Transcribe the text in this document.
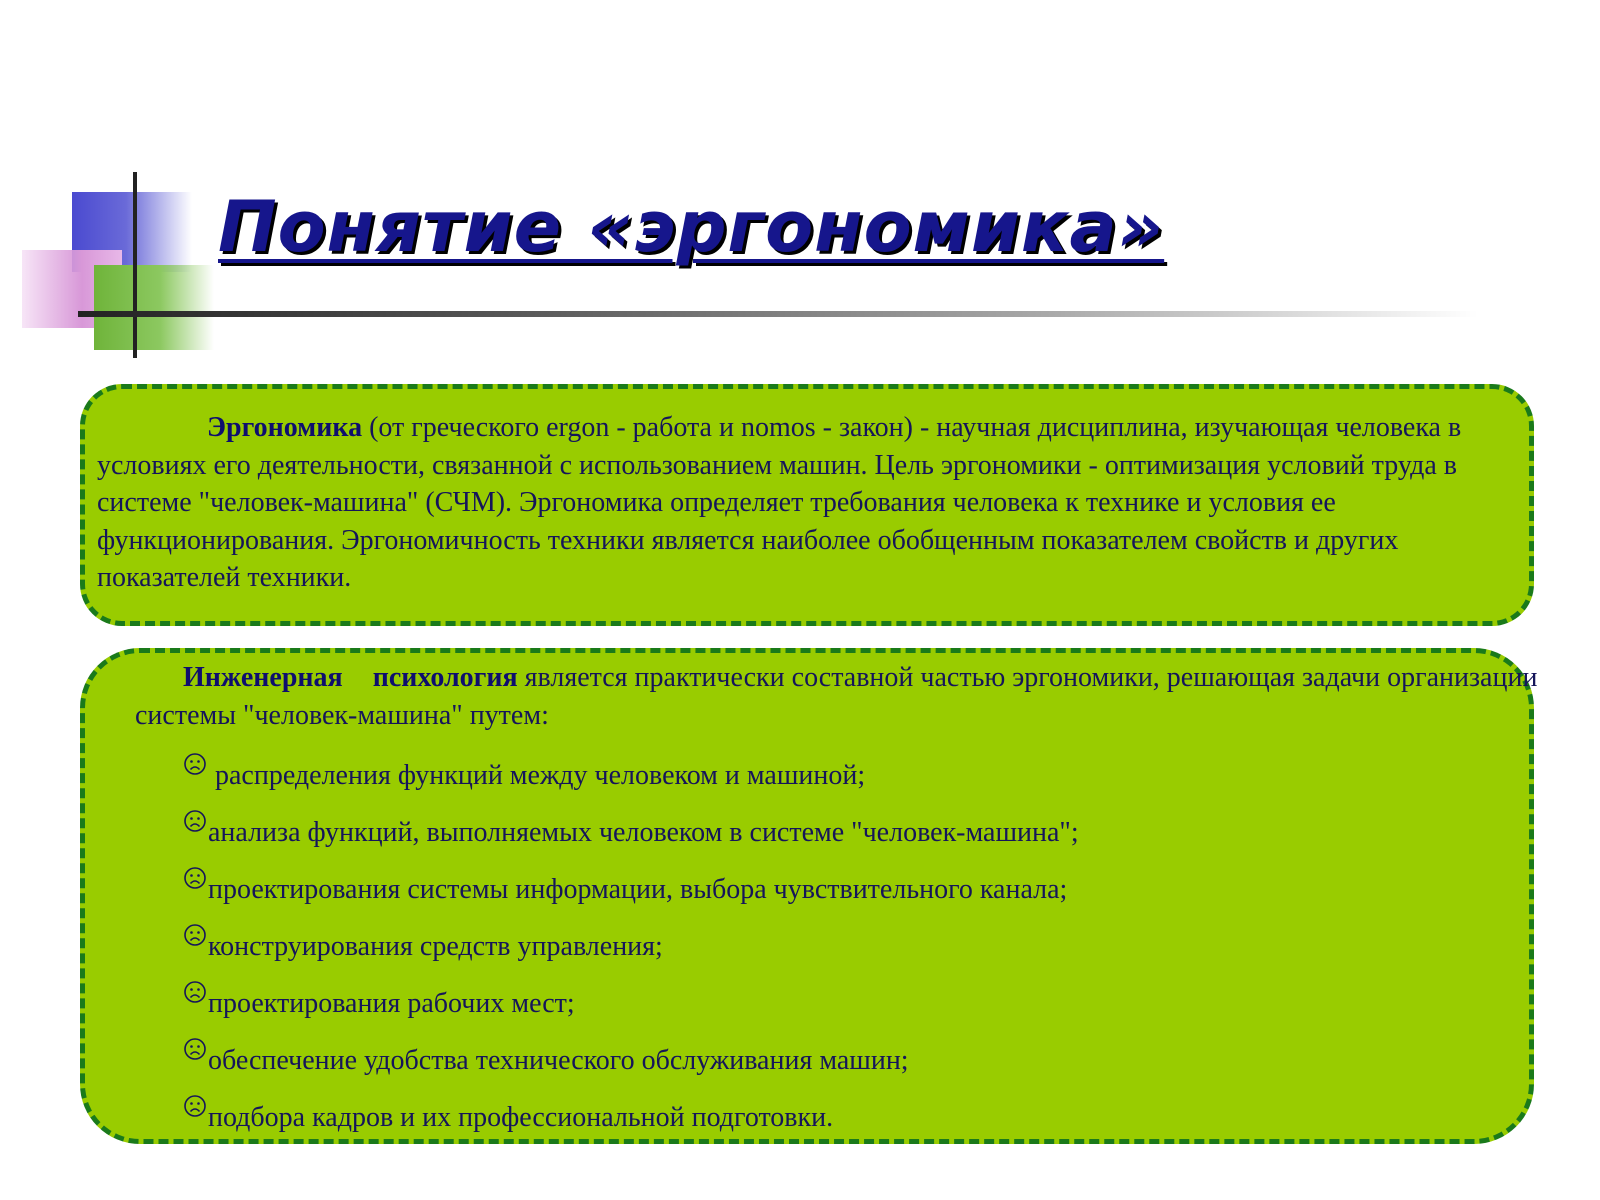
Понятие «эргономика»

Эргономика (от греческого ergon - работа и nomos - закон) - научная дисциплина, изучающая человека в условиях его деятельности, связанной с использованием машин. Цель эргономики - оптимизация условий труда в системе "человек-машина" (СЧМ). Эргономика определяет требования человека к технике и условия ее функционирования. Эргономичность техники является наиболее обобщенным показателем свойств и других показателей техники.

Инженерная психология является практически составной частью эргономики, решающая задачи организации системы "человек-машина" путем:

распределения функций между человеком и машиной;
анализа функций, выполняемых человеком в системе "человек-машина";
проектирования системы информации, выбора чувствительного канала;
конструирования средств управления;
проектирования рабочих мест;
обеспечение удобства технического обслуживания машин;
подбора кадров и их профессиональной подготовки.
